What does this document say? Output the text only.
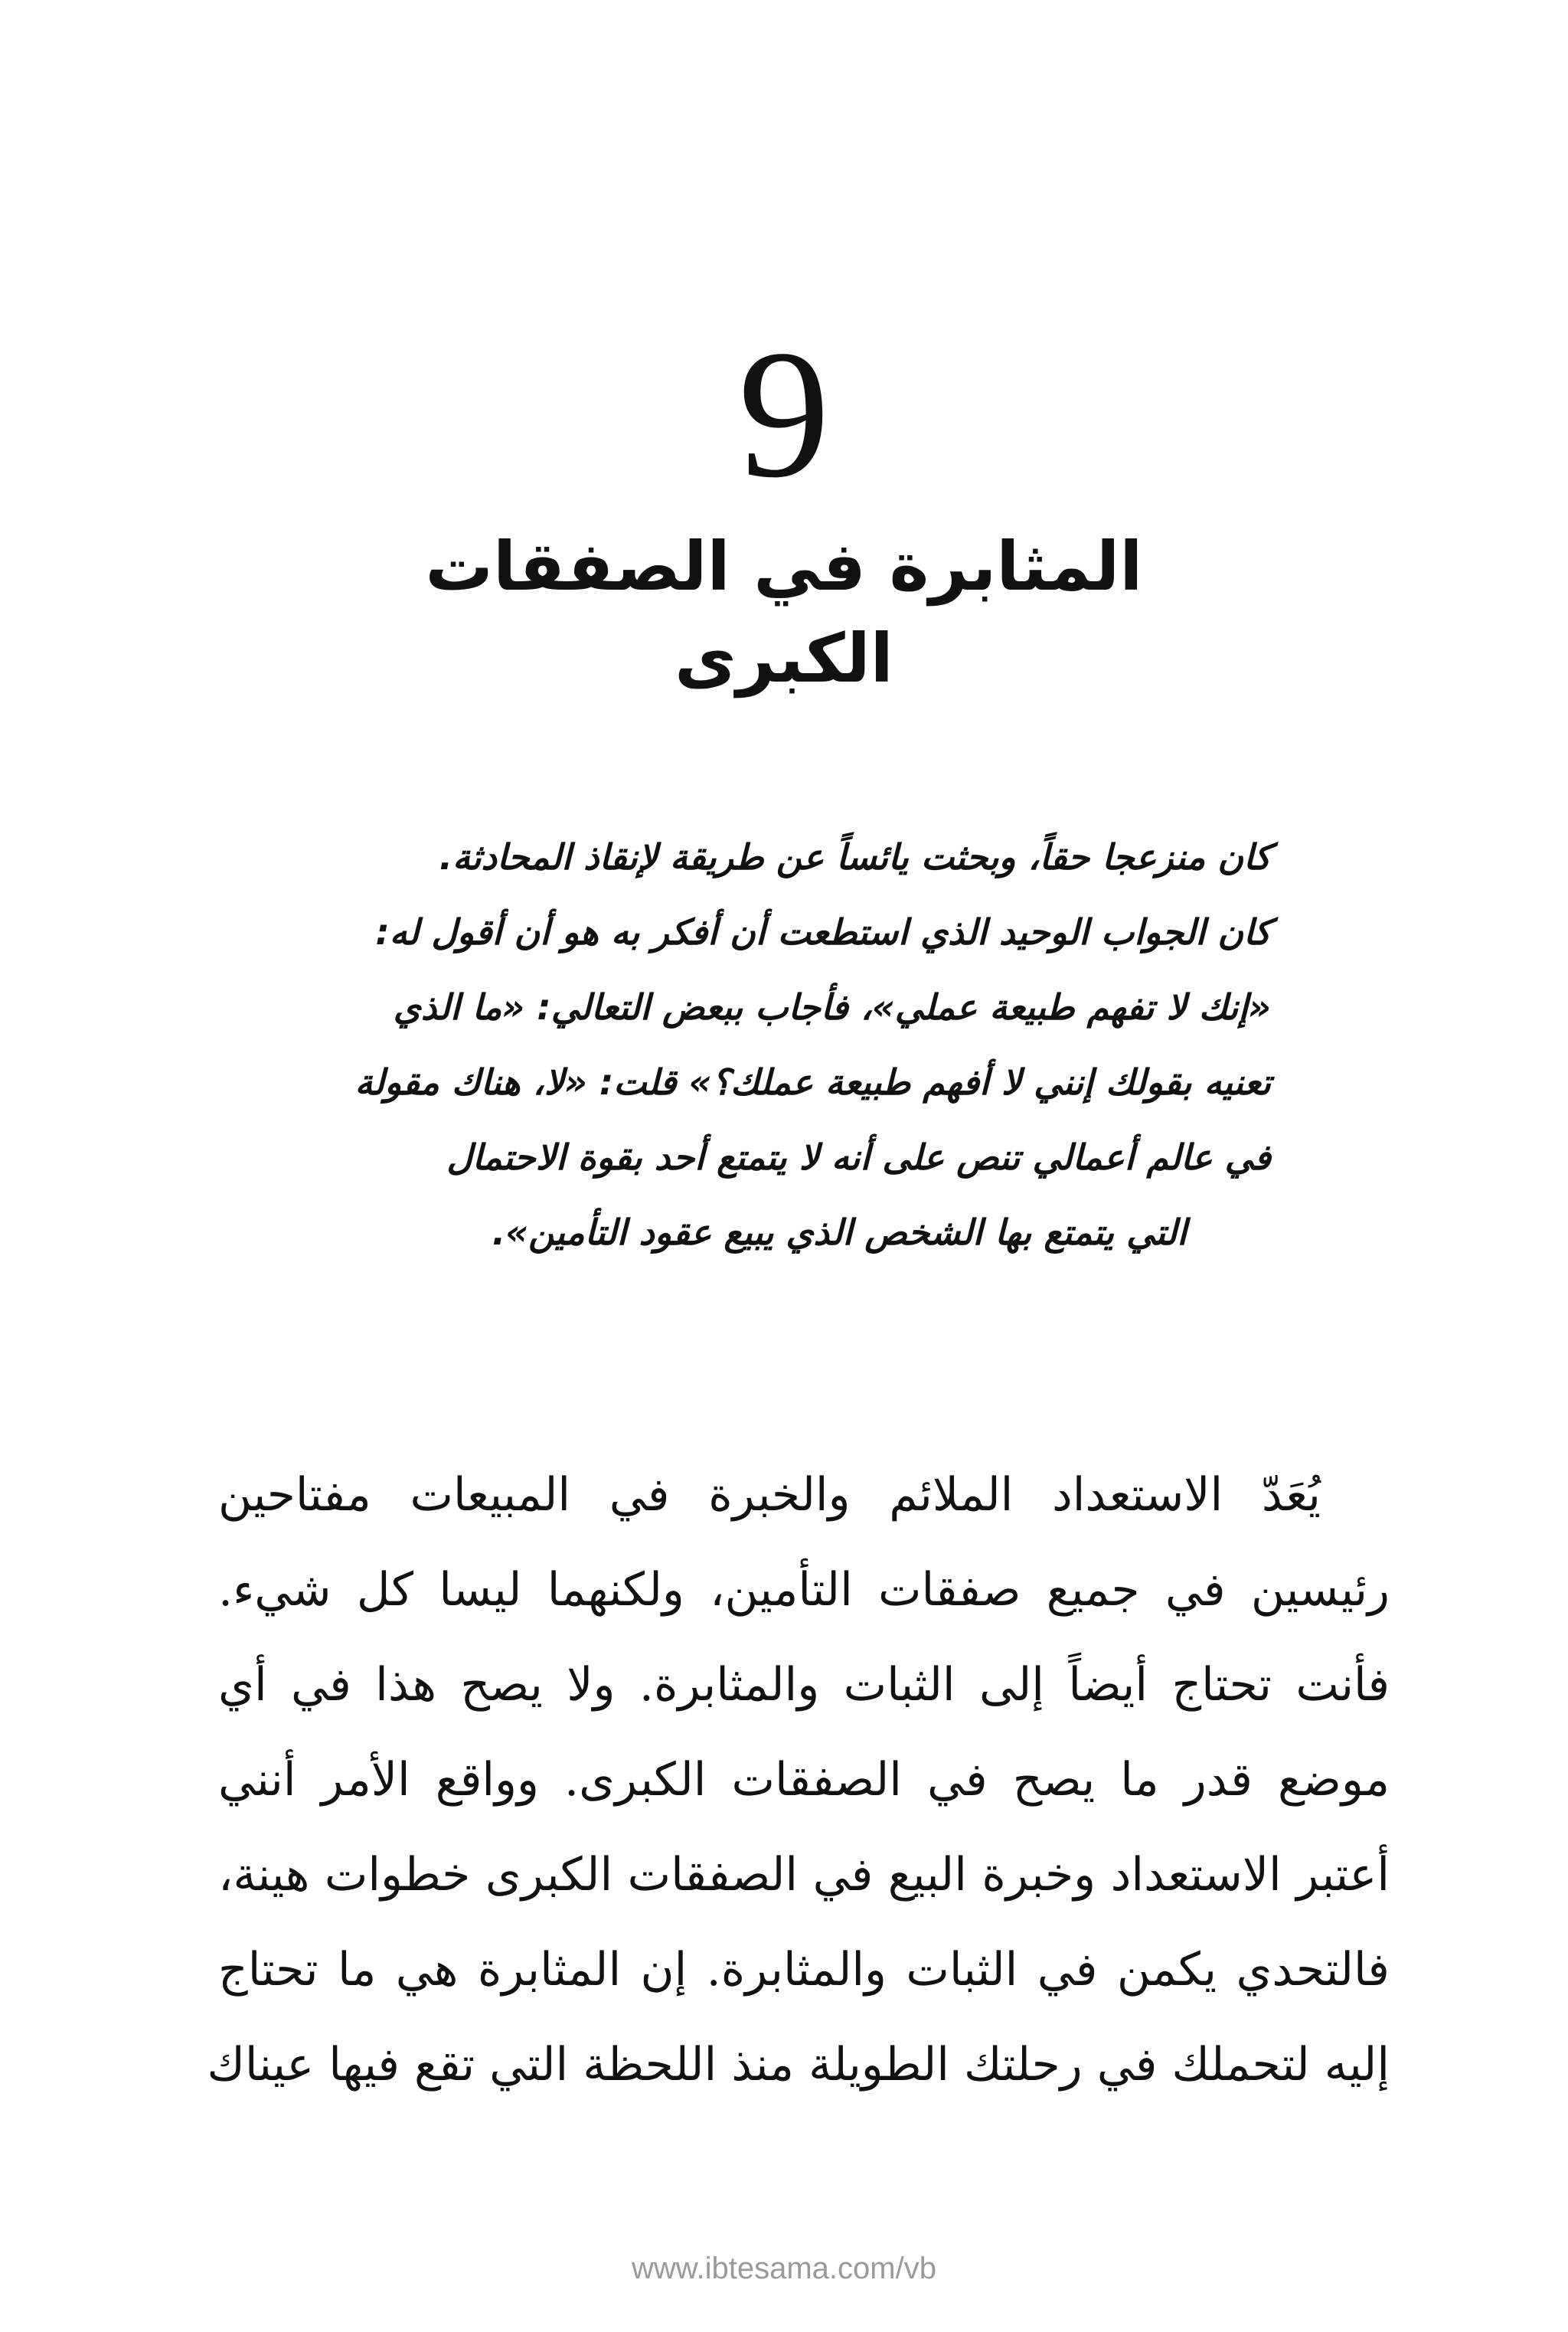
9
المثابرة في الصفقات الكبرى
كان منزعجا حقاً، وبحثت يائساً عن طريقة لإنقاذ المحادثة.
كان الجواب الوحيد الذي استطعت أن أفكر به هو أن أقول له:
«إنك لا تفهم طبيعة عملي»، فأجاب ببعض التعالي: «ما الذي
تعنيه بقولك إنني لا أفهم طبيعة عملك؟» قلت: «لا، هناك مقولة
في عالم أعمالي تنص على أنه لا يتمتع أحد بقوة الاحتمال
التي يتمتع بها الشخص الذي يبيع عقود التأمين».
يُعَدّ الاستعداد الملائم والخبرة في المبيعات مفتاحين
رئيسين في جميع صفقات التأمين، ولكنهما ليسا كل شيء.
فأنت تحتاج أيضاً إلى الثبات والمثابرة. ولا يصح هذا في أي
موضع قدر ما يصح في الصفقات الكبرى. وواقع الأمر أنني
أعتبر الاستعداد وخبرة البيع في الصفقات الكبرى خطوات هينة،
فالتحدي يكمن في الثبات والمثابرة. إن المثابرة هي ما تحتاج
إليه لتحملك في رحلتك الطويلة منذ اللحظة التي تقع فيها عيناك
www.ibtesama.com/vb
